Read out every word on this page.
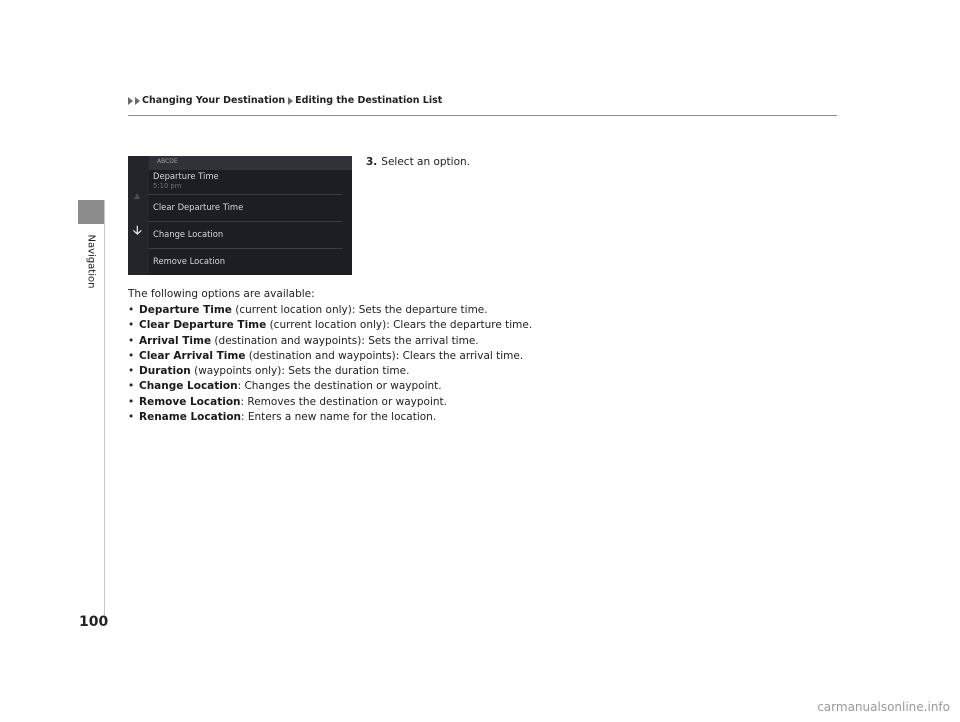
Navigation
Changing Your Destination Editing the Destination List
ABCDE
▲
🡣
Departure Time
5:10 pm
Clear Departure Time
Change Location
Remove Location
3. Select an option.
The following options are available:
• Departure Time (current location only): Sets the departure time.
• Clear Departure Time (current location only): Clears the departure time.
• Arrival Time (destination and waypoints): Sets the arrival time.
• Clear Arrival Time (destination and waypoints): Clears the arrival time.
• Duration (waypoints only): Sets the duration time.
• Change Location: Changes the destination or waypoint.
• Remove Location: Removes the destination or waypoint.
• Rename Location: Enters a new name for the location.
100
carmanualsonline.info
